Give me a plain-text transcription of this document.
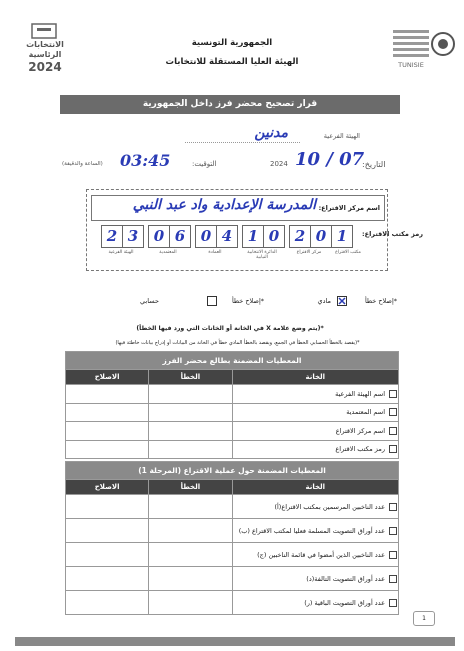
الجمهورية التونسية
الهيئة العليا المستقلة للانتخابات
الانتخابات
الرئاسية
2024	TUNISIE
قرار تصحيح محضر فرز داخل الجمهورية
الهيئة الفرعية
مدنين
التاريخ:
10 / 07
2024
التوقيت:
03:45
(الساعة والدقيقة)
اسم مركز الاقتراع:
المدرسة الإعدادية واد عبد النبي
رمز مكتب الاقتراع:
2 3	0 6	0 4	1 0	2 0 1
الهيئة الفرعية	المعتمدية	العمادة	الدائرة الانتخابية النيابية
مركز الاقتراع	مكتب الاقتراع
*إصلاح خطأ
مادي
*إصلاح خطأ
حسابي
*(يتم وضع علامة X في الخانة أو الخانات التي ورد فيها الخطأ)
*(يقصد بالخطأ الحسابي الخطأ في الجمع، ويقصد بالخطأ المادي خطأ في الخانة من البيانات أو إدراج بيانات خاطئة فيها)
المعطيات المضمنة بطالع محضر الفرز		
الخانة	الخطأ	الاصلاح
اسم الهيئة الفرعية		
اسم المعتمدية		
اسم مركز الاقتراع		
رمز مكتب الاقتراع		
المعطيات المضمنة حول عملية الاقتراع (المرحلة 1)		
الخانة	الخطأ	الاصلاح
عدد الناخبين المرسمين بمكتب الاقتراع(أ)		
عدد أوراق التصويت المسلمة فعليا لمكتب الاقتراع (ب)		
عدد الناخبين الذين أمضوا في قائمة الناخبين (ج)		
عدد أوراق التصويت التالفة(د)		
عدد أوراق التصويت الباقية (ر)		
1
